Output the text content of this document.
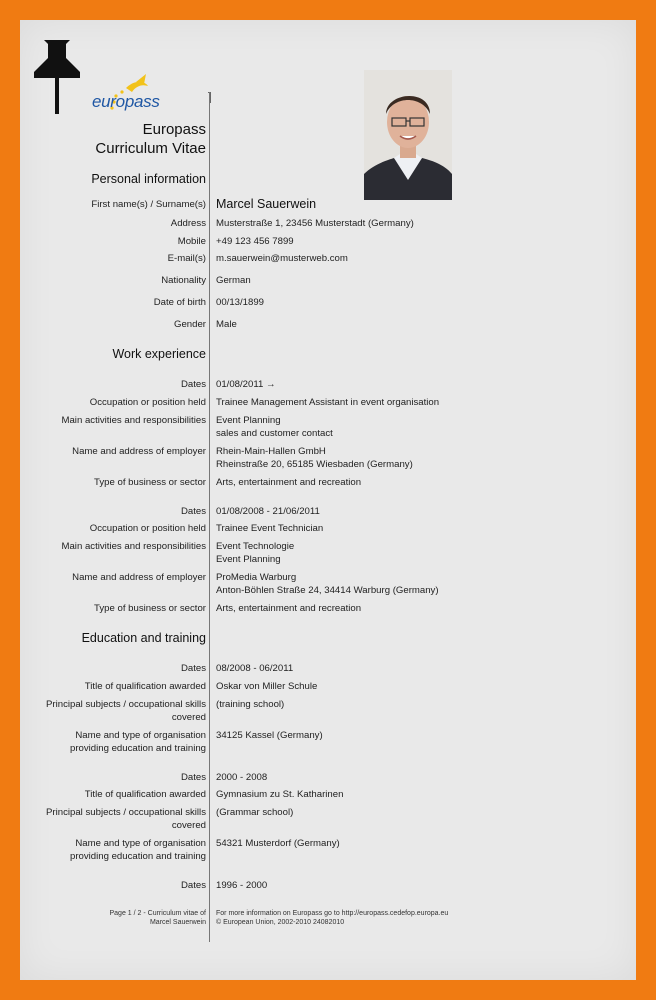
europass
Europass
Curriculum Vitae
Personal information
First name(s) / Surname(s) Marcel Sauerwein
Address Musterstraße 1, 23456 Musterstadt (Germany)
Mobile +49 123 456 7899
E-mail(s) m.sauerwein@musterweb.com
Nationality German
Date of birth 00/13/1899
Gender Male
Work experience
Dates 01/08/2011 →
Occupation or position held Trainee Management Assistant in event organisation
Main activities and responsibilities Event Planning
sales and customer contact
Name and address of employer Rhein-Main-Hallen GmbH
Rheinstraße 20, 65185 Wiesbaden (Germany)
Type of business or sector Arts, entertainment and recreation
Dates 01/08/2008 - 21/06/2011
Occupation or position held Trainee Event Technician
Main activities and responsibilities Event Technologie
Event Planning
Name and address of employer ProMedia Warburg
Anton-Böhlen Straße 24, 34414 Warburg (Germany)
Type of business or sector Arts, entertainment and recreation
Education and training
Dates 08/2008 - 06/2011
Title of qualification awarded Oskar von Miller Schule
Principal subjects / occupational skills
covered
(training school)
Name and type of organisation
providing education and training
34125 Kassel (Germany)
Dates 2000 - 2008
Title of qualification awarded Gymnasium zu St. Katharinen
Principal subjects / occupational skills
covered
(Grammar school)
Name and type of organisation
providing education and training
54321 Musterdorf (Germany)
Dates 1996 - 2000
Page 1 / 2 - Curriculum vitae of
Marcel Sauerwein
For more information on Europass go to http://europass.cedefop.europa.eu
© European Union, 2002-2010 24082010
